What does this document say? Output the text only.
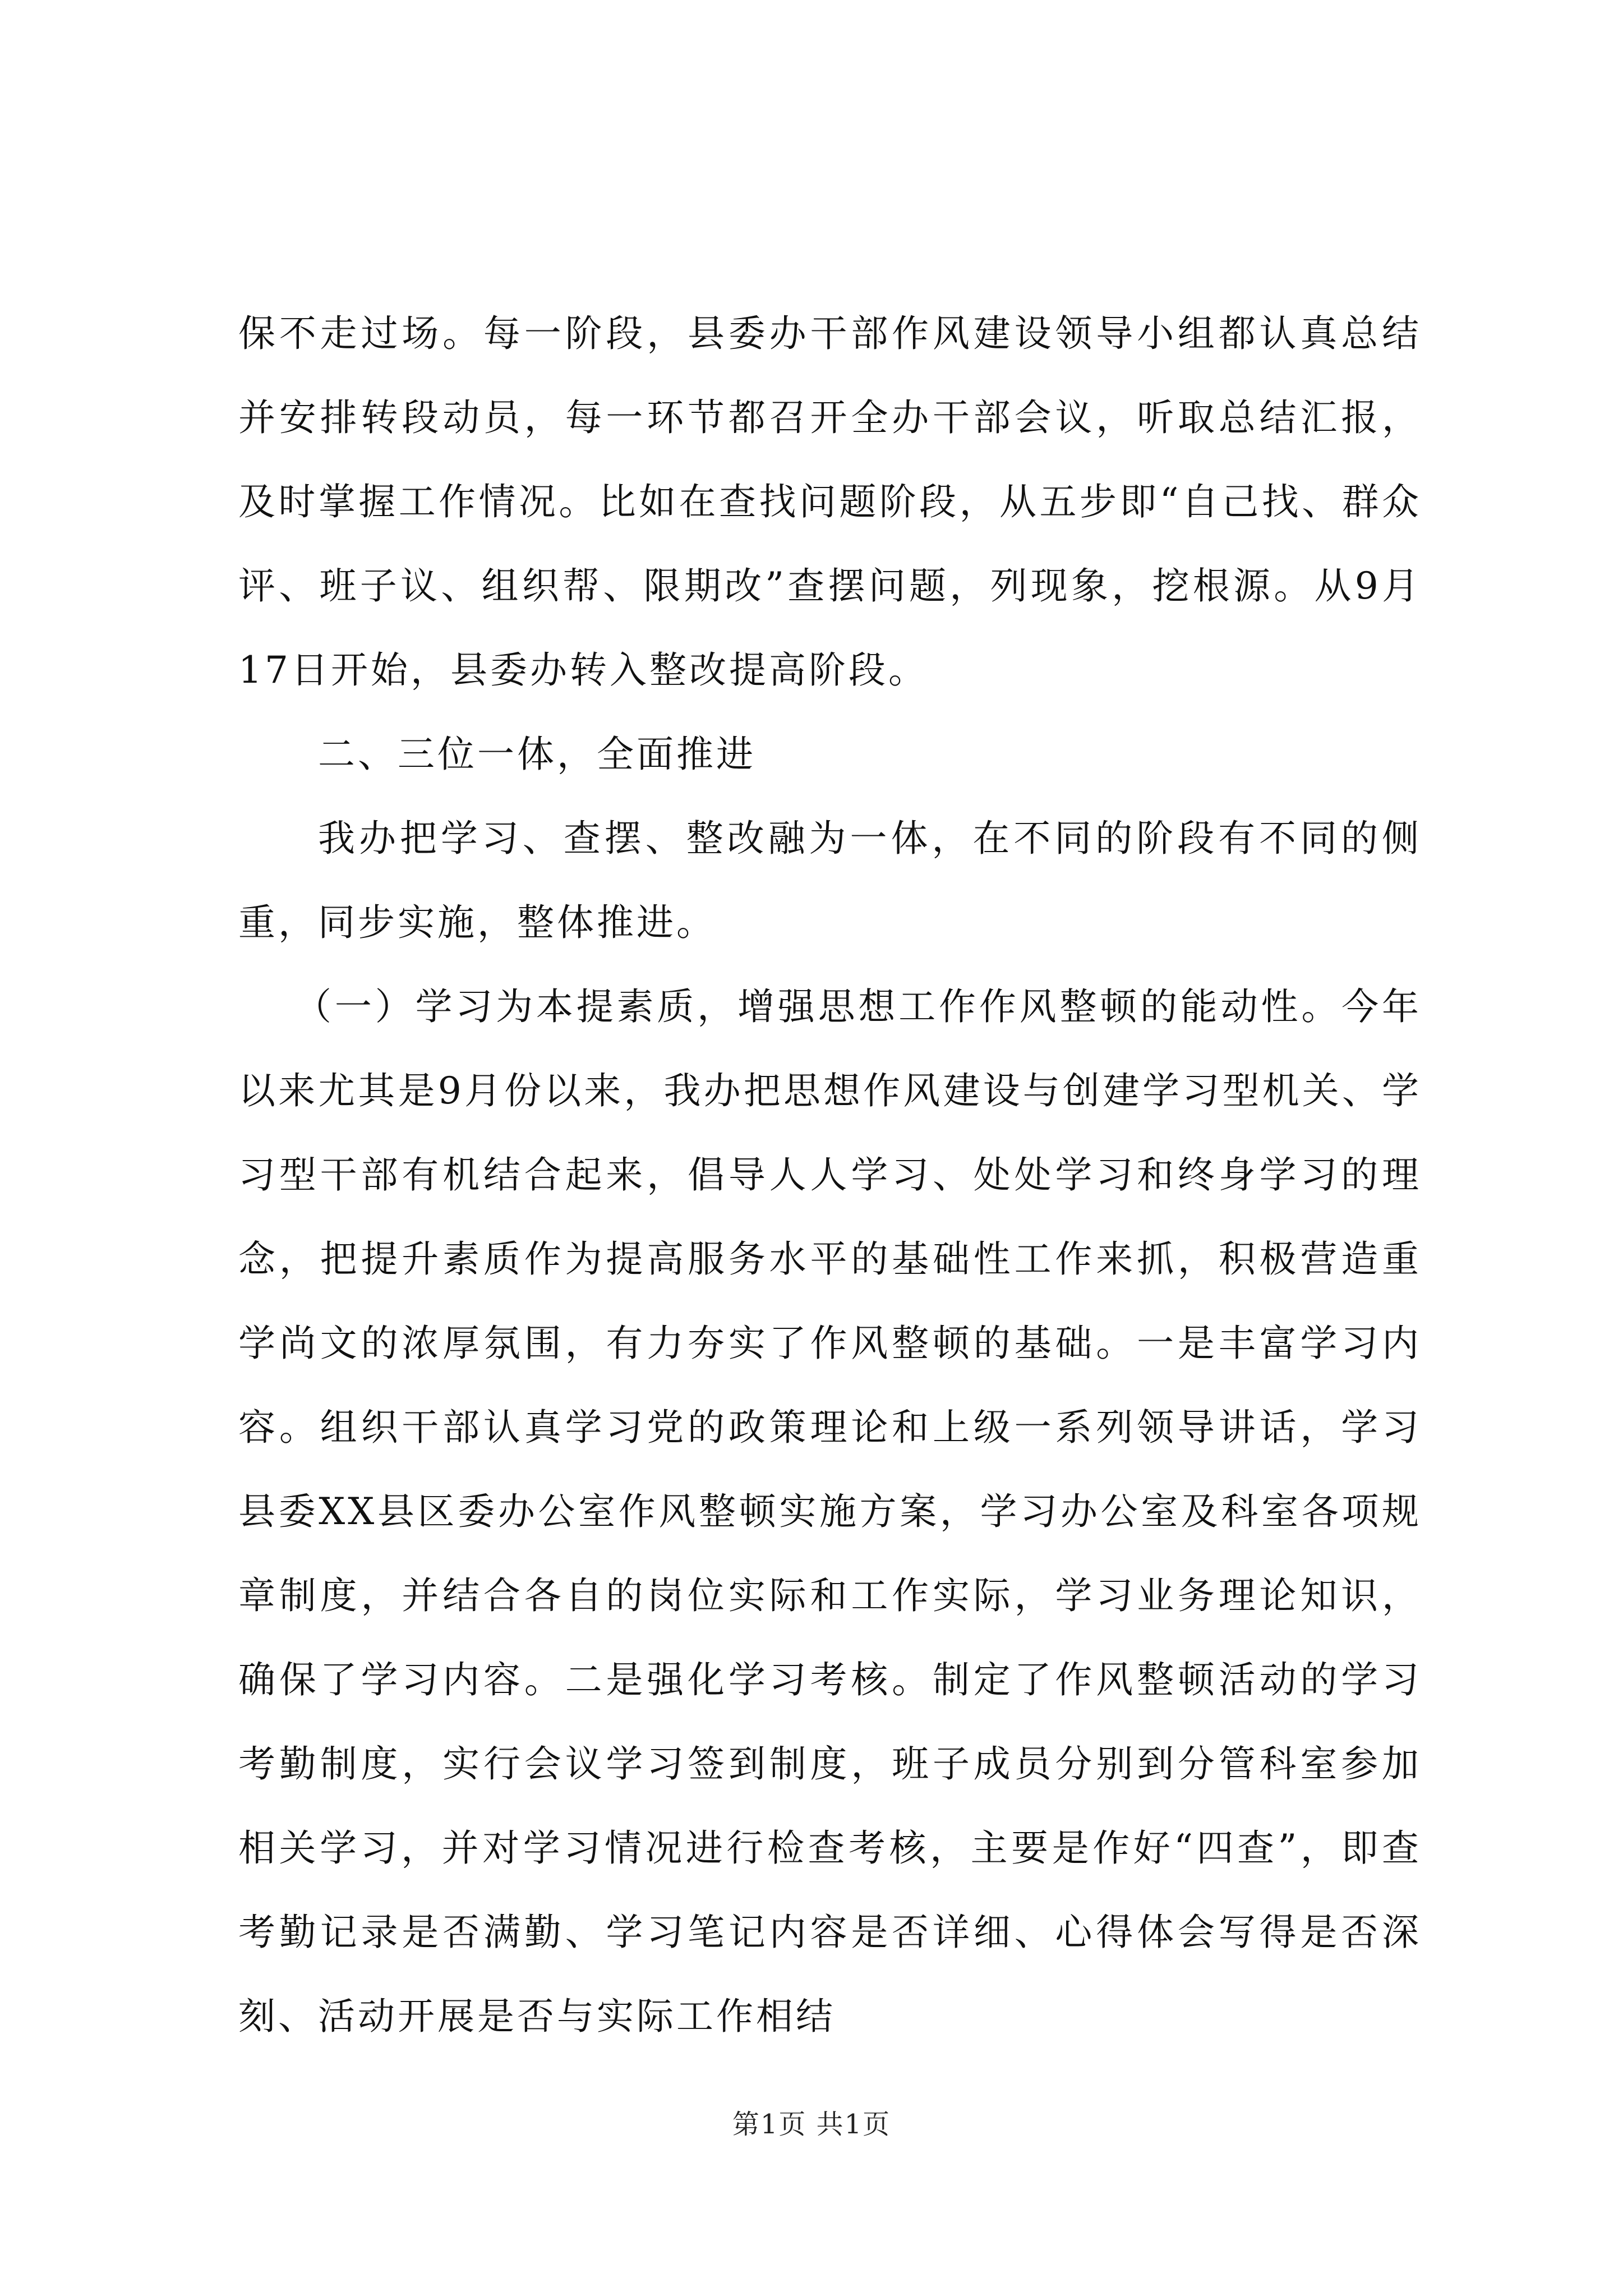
保不走过场。每一阶段，县委办干部作风建设领导小组都认真总结并安排转段动员，每一环节都召开全办干部会议，听取总结汇报，及时掌握工作情况。比如在查找问题阶段，从五步即“自己找、群众评、班子议、组织帮、限期改”查摆问题，列现象，挖根源。从9月17日开始，县委办转入整改提高阶段。

二、三位一体，全面推进

我办把学习、查摆、整改融为一体，在不同的阶段有不同的侧重，同步实施，整体推进。

（一）学习为本提素质，增强思想工作作风整顿的能动性。今年以来尤其是9月份以来，我办把思想作风建设与创建学习型机关、学习型干部有机结合起来，倡导人人学习、处处学习和终身学习的理念，把提升素质作为提高服务水平的基础性工作来抓，积极营造重学尚文的浓厚氛围，有力夯实了作风整顿的基础。一是丰富学习内容。组织干部认真学习党的政策理论和上级一系列领导讲话，学习县委XX县区委办公室作风整顿实施方案，学习办公室及科室各项规章制度，并结合各自的岗位实际和工作实际，学习业务理论知识，确保了学习内容。二是强化学习考核。制定了作风整顿活动的学习考勤制度，实行会议学习签到制度，班子成员分别到分管科室参加相关学习，并对学习情况进行检查考核，主要是作好“四查”，即查考勤记录是否满勤、学习笔记内容是否详细、心得体会写得是否深刻、活动开展是否与实际工作相结

第1页 共1页
